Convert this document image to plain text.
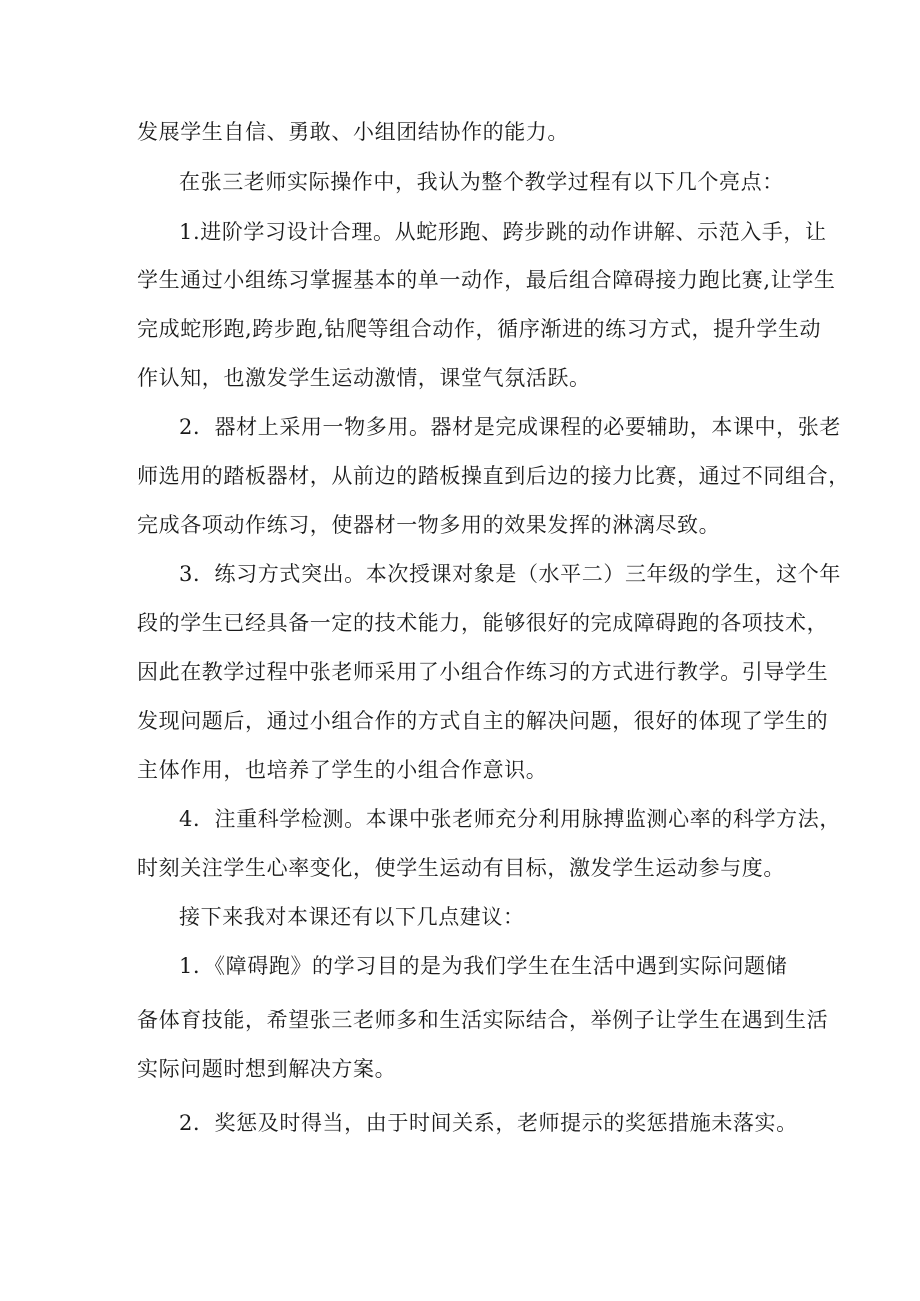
发展学生自信、勇敢、小组团结协作的能力。
在张三老师实际操作中，我认为整个教学过程有以下几个亮点：
1.进阶学习设计合理。从蛇形跑、跨步跳的动作讲解、示范入手，让
学生通过小组练习掌握基本的单一动作，最后组合障碍接力跑比赛,让学生
完成蛇形跑,跨步跑,钻爬等组合动作，循序渐进的练习方式，提升学生动
作认知，也激发学生运动激情，课堂气氛活跃。
2．器材上采用一物多用。器材是完成课程的必要辅助，本课中，张老
师选用的踏板器材，从前边的踏板操直到后边的接力比赛，通过不同组合，
完成各项动作练习，使器材一物多用的效果发挥的淋漓尽致。
3．练习方式突出。本次授课对象是（水平二）三年级的学生，这个年
段的学生已经具备一定的技术能力，能够很好的完成障碍跑的各项技术，
因此在教学过程中张老师采用了小组合作练习的方式进行教学。引导学生
发现问题后，通过小组合作的方式自主的解决问题，很好的体现了学生的
主体作用，也培养了学生的小组合作意识。
4．注重科学检测。本课中张老师充分利用脉搏监测心率的科学方法，
时刻关注学生心率变化，使学生运动有目标，激发学生运动参与度。
接下来我对本课还有以下几点建议：
1．《障碍跑》的学习目的是为我们学生在生活中遇到实际问题储
备体育技能，希望张三老师多和生活实际结合，举例子让学生在遇到生活
实际问题时想到解决方案。
2．奖惩及时得当，由于时间关系，老师提示的奖惩措施未落实。
